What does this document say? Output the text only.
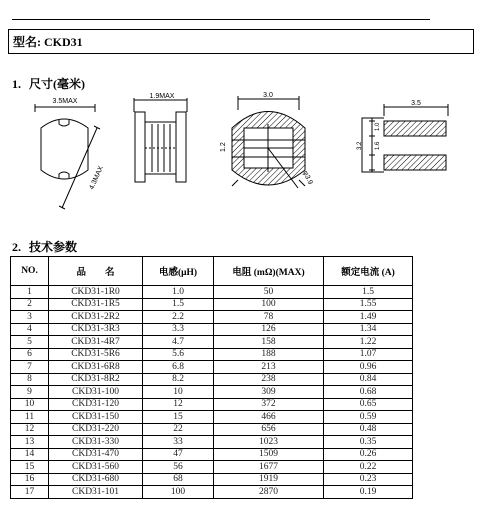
型名: CKD31
1. 尺寸(毫米)
3.5MAX
4.3MAX
1.9MAX	3.0
1.2
φ3.9
3.5
1.0
1.6
3.2
2. 技术参数
NO.	品　　名	电感(μH)	电阻 (mΩ)(MAX)	额定电流 (A)
1	CKD31-1R0	1.0	50	1.5
2	CKD31-1R5	1.5	100	1.55
3	CKD31-2R2	2.2	78	1.49
4	CKD31-3R3	3.3	126	1.34
5	CKD31-4R7	4.7	158	1.22
6	CKD31-5R6	5.6	188	1.07
7	CKD31-6R8	6.8	213	0.96
8	CKD31-8R2	8.2	238	0.84
9	CKD31-100	10	309	0.68
10	CKD31-120	12	372	0.65
11	CKD31-150	15	466	0.59
12	CKD31-220	22	656	0.48
13	CKD31-330	33	1023	0.35
14	CKD31-470	47	1509	0.26
15	CKD31-560	56	1677	0.22
16	CKD31-680	68	1919	0.23
17	CKD31-101	100	2870	0.19
